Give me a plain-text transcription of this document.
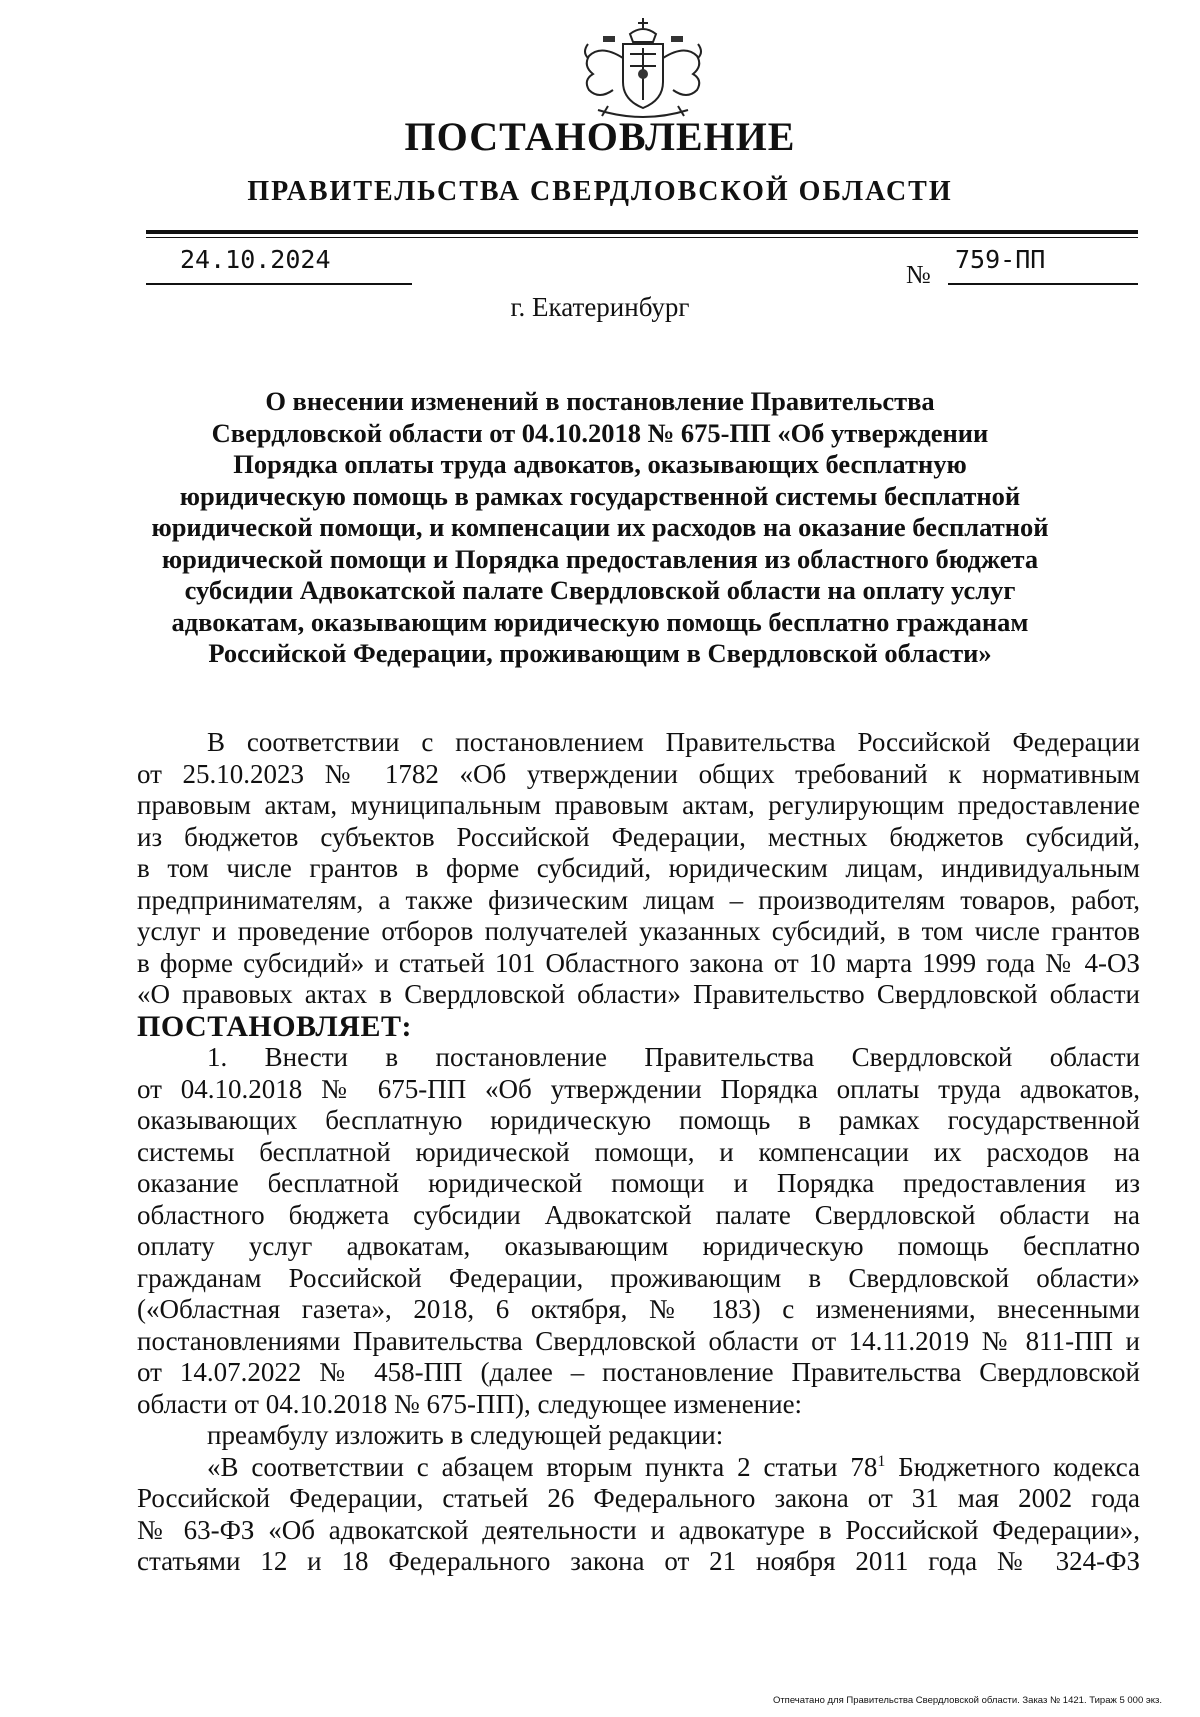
ПОСТАНОВЛЕНИЕ
ПРАВИТЕЛЬСТВА СВЕРДЛОВСКОЙ ОБЛАСТИ
24.10.2024
№
759-ПП
г. Екатеринбург
О внесении изменений в постановление Правительства
Свердловской области от 04.10.2018 № 675-ПП «Об утверждении
Порядка оплаты труда адвокатов, оказывающих бесплатную
юридическую помощь в рамках государственной системы бесплатной
юридической помощи, и компенсации их расходов на оказание бесплатной
юридической помощи и Порядка предоставления из областного бюджета
субсидии Адвокатской палате Свердловской области на оплату услуг
адвокатам, оказывающим юридическую помощь бесплатно гражданам
Российской Федерации, проживающим в Свердловской области»
В соответствии с постановлением Правительства Российской Федерации
от 25.10.2023 № 1782 «Об утверждении общих требований к нормативным
правовым актам, муниципальным правовым актам, регулирующим предоставление
из бюджетов субъектов Российской Федерации, местных бюджетов субсидий,
в том числе грантов в форме субсидий, юридическим лицам, индивидуальным
предпринимателям, а также физическим лицам – производителям товаров, работ,
услуг и проведение отборов получателей указанных субсидий, в том числе грантов
в форме субсидий» и статьей 101 Областного закона от 10 марта 1999 года № 4-ОЗ
«О правовых актах в Свердловской области» Правительство Свердловской области
ПОСТАНОВЛЯЕТ:
1. Внести в постановление Правительства Свердловской области
от 04.10.2018 № 675-ПП «Об утверждении Порядка оплаты труда адвокатов,
оказывающих бесплатную юридическую помощь в рамках государственной
системы бесплатной юридической помощи, и компенсации их расходов на
оказание бесплатной юридической помощи и Порядка предоставления из
областного бюджета субсидии Адвокатской палате Свердловской области на
оплату услуг адвокатам, оказывающим юридическую помощь бесплатно
гражданам Российской Федерации, проживающим в Свердловской области»
(«Областная газета», 2018, 6 октября, № 183) с изменениями, внесенными
постановлениями Правительства Свердловской области от 14.11.2019 № 811-ПП и
от 14.07.2022 № 458-ПП (далее – постановление Правительства Свердловской
области от 04.10.2018 № 675-ПП), следующее изменение:
преамбулу изложить в следующей редакции:
«В соответствии с абзацем вторым пункта 2 статьи $78^1$ Бюджетного кодекса
Российской Федерации, статьей 26 Федерального закона от 31 мая 2002 года
№ 63-ФЗ «Об адвокатской деятельности и адвокатуре в Российской Федерации»,
статьями 12 и 18 Федерального закона от 21 ноября 2011 года № 324-ФЗ
Отпечатано для Правительства Свердловской области. Заказ № 1421. Тираж 5 000 экз.
